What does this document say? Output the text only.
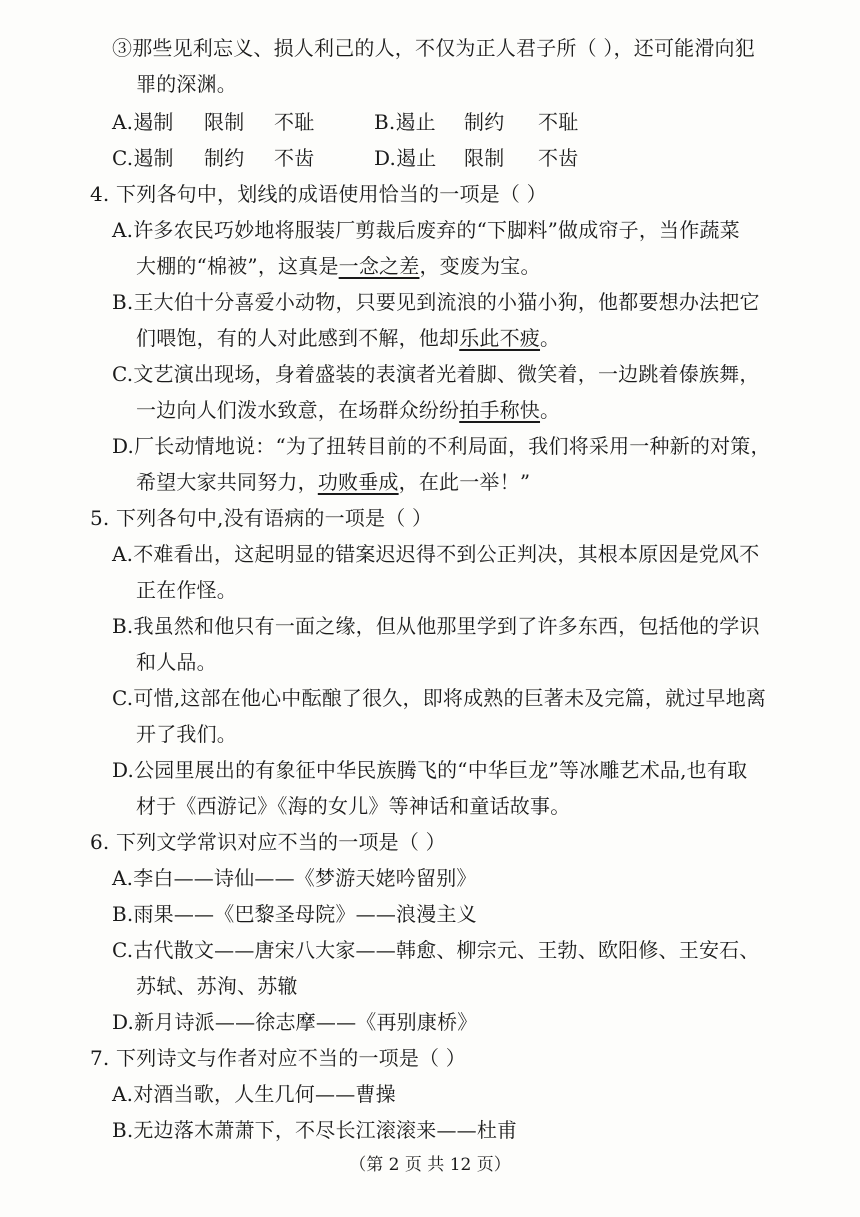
③那些见利忘义、损人利己的人，不仅为正人君子所（ ），还可能滑向犯
罪的深渊。
A.遏制 限制 不耻	B.遏止 制约 不耻
C.遏制 制约 不齿	D.遏止 限制 不齿
4. 下列各句中，划线的成语使用恰当的一项是（ ）
A.许多农民巧妙地将服装厂剪裁后废弃的“下脚料”做成帘子，当作蔬菜
大棚的“棉被”，这真是一念之差，变废为宝。
B.王大伯十分喜爱小动物，只要见到流浪的小猫小狗，他都要想办法把它
们喂饱，有的人对此感到不解，他却乐此不疲。
C.文艺演出现场，身着盛装的表演者光着脚、微笑着，一边跳着傣族舞，
一边向人们泼水致意，在场群众纷纷拍手称快。
D.厂长动情地说：“为了扭转目前的不利局面，我们将采用一种新的对策，
希望大家共同努力，功败垂成，在此一举！”
5. 下列各句中,没有语病的一项是（ ）
A.不难看出，这起明显的错案迟迟得不到公正判决，其根本原因是党风不
正在作怪。
B.我虽然和他只有一面之缘，但从他那里学到了许多东西，包括他的学识
和人品。
C.可惜,这部在他心中酝酿了很久，即将成熟的巨著未及完篇，就过早地离
开了我们。
D.公园里展出的有象征中华民族腾飞的“中华巨龙”等冰雕艺术品,也有取
材于《西游记》《海的女儿》等神话和童话故事。
6. 下列文学常识对应不当的一项是（ ）
A.李白——诗仙——《梦游天姥吟留别》
B.雨果——《巴黎圣母院》——浪漫主义
C.古代散文——唐宋八大家——韩愈、柳宗元、王勃、欧阳修、王安石、
苏轼、苏洵、苏辙
D.新月诗派——徐志摩——《再别康桥》
7. 下列诗文与作者对应不当的一项是（ ）
A.对酒当歌，人生几何——曹操
B.无边落木萧萧下，不尽长江滚滚来——杜甫
（第 2 页 共 12 页）
